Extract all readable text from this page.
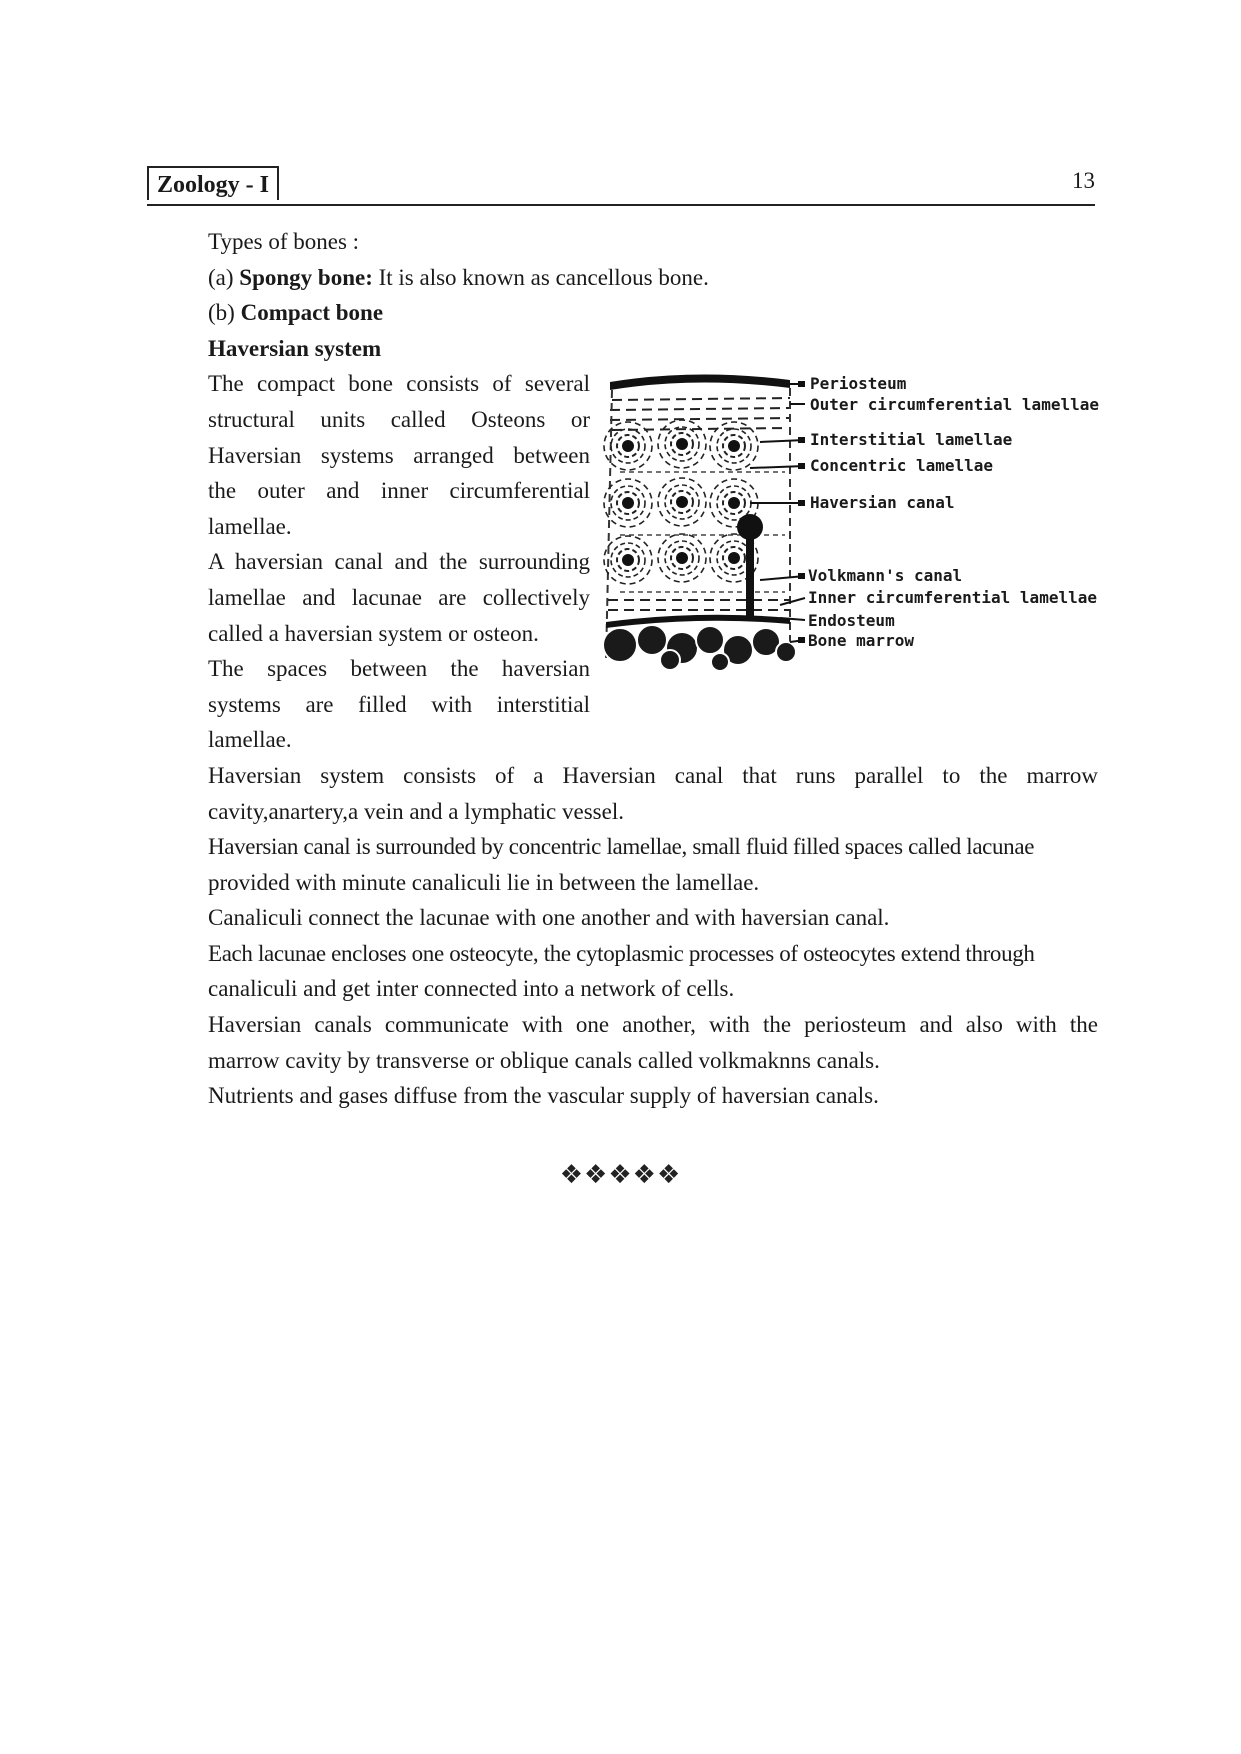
Zoology - I	13
Types of bones :
(a) Spongy bone: It is also known as cancellous bone.
(b) Compact bone
Haversian system
The compact bone consists of several
structural units called Osteons or
Haversian systems arranged between
the outer and inner circumferential
lamellae.
A haversian canal and the surrounding
lamellae and lacunae are collectively
called a haversian system or osteon.
The spaces between the haversian
systems are filled with interstitial
lamellae.
Haversian system consists of a Haversian canal that runs parallel to the marrow
cavity,anartery,a vein and a lymphatic vessel.
Haversian canal is surrounded by concentric lamellae, small fluid filled spaces called lacunae
provided with minute canaliculi lie in between the lamellae.
Canaliculi connect the lacunae with one another and with haversian canal.
Each lacunae encloses one osteocyte, the cytoplasmic processes of osteocytes extend through
canaliculi and get inter connected into a network of cells.
Haversian canals communicate with one another, with the periosteum and also with the
marrow cavity by transverse or oblique canals called volkmaknns canals.
Nutrients and gases diffuse from the vascular supply of haversian canals.
Periosteum
Outer circumferential lamellae
Interstitial lamellae
Concentric lamellae
Haversian canal
Volkmann's canal
Inner circumferential lamellae
Endosteum
Bone marrow
❖❖❖❖❖
